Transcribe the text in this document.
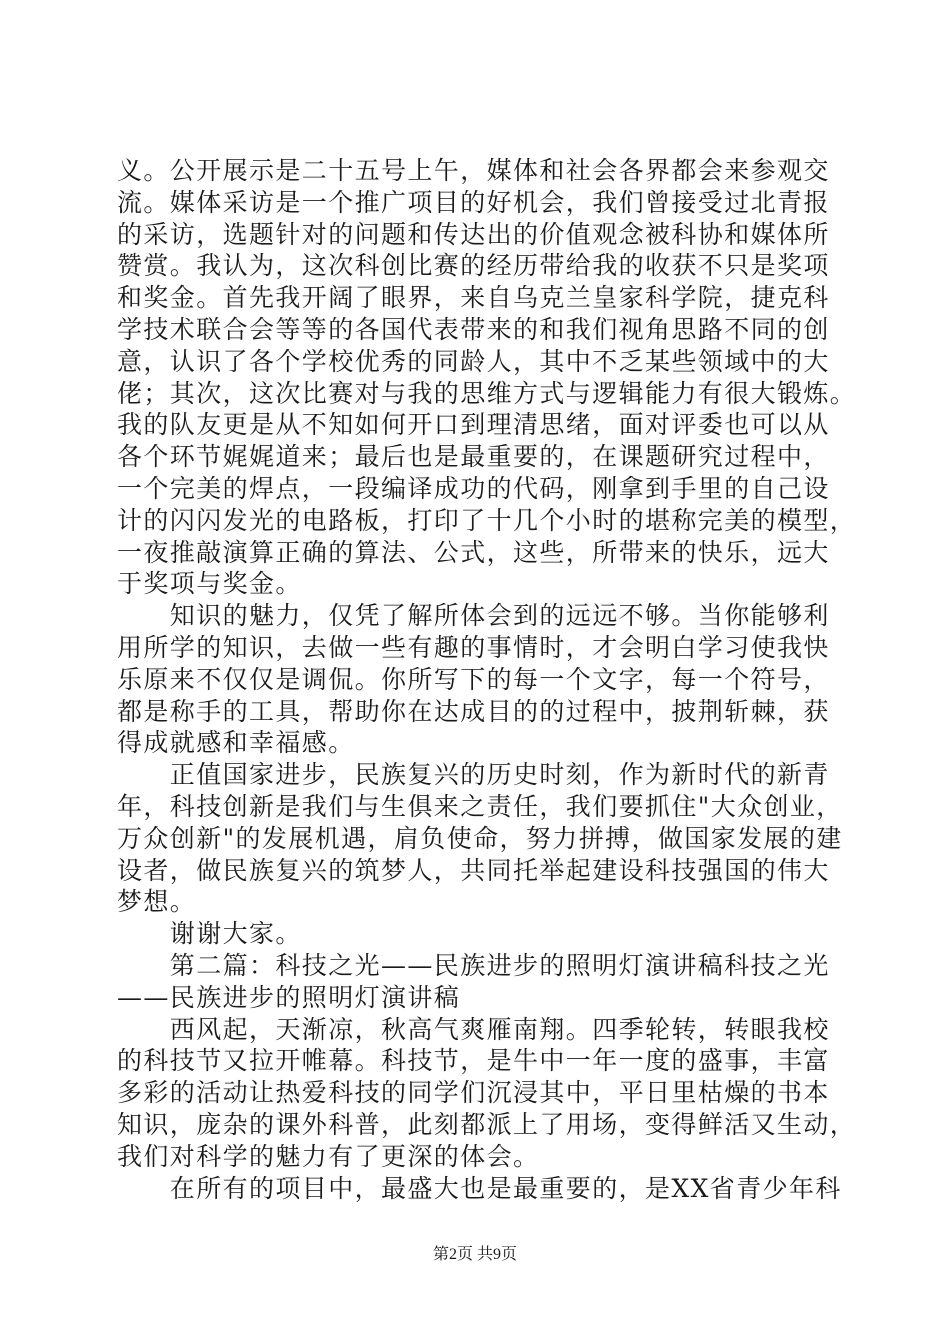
义。公开展示是二十五号上午，媒体和社会各界都会来参观交
流。媒体采访是一个推广项目的好机会，我们曾接受过北青报
的采访，选题针对的问题和传达出的价值观念被科协和媒体所
赞赏。我认为，这次科创比赛的经历带给我的收获不只是奖项
和奖金。首先我开阔了眼界，来自乌克兰皇家科学院，捷克科
学技术联合会等等的各国代表带来的和我们视角思路不同的创
意，认识了各个学校优秀的同龄人，其中不乏某些领域中的大
佬；其次，这次比赛对与我的思维方式与逻辑能力有很大锻炼。
我的队友更是从不知如何开口到理清思绪，面对评委也可以从
各个环节娓娓道来；最后也是最重要的，在课题研究过程中，
一个完美的焊点，一段编译成功的代码，刚拿到手里的自己设
计的闪闪发光的电路板，打印了十几个小时的堪称完美的模型，
一夜推敲演算正确的算法、公式，这些，所带来的快乐，远大
于奖项与奖金。
　　知识的魅力，仅凭了解所体会到的远远不够。当你能够利
用所学的知识，去做一些有趣的事情时，才会明白学习使我快
乐原来不仅仅是调侃。你所写下的每一个文字，每一个符号，
都是称手的工具，帮助你在达成目的的过程中，披荆斩棘，获
得成就感和幸福感。
　　正值国家进步，民族复兴的历史时刻，作为新时代的新青
年，科技创新是我们与生俱来之责任，我们要抓住"大众创业，
万众创新"的发展机遇，肩负使命，努力拼搏，做国家发展的建
设者，做民族复兴的筑梦人，共同托举起建设科技强国的伟大
梦想。
　　谢谢大家。
　　第二篇：科技之光——民族进步的照明灯演讲稿科技之光
——民族进步的照明灯演讲稿
　　西风起，天渐凉，秋高气爽雁南翔。四季轮转，转眼我校
的科技节又拉开帷幕。科技节，是牛中一年一度的盛事，丰富
多彩的活动让热爱科技的同学们沉浸其中，平日里枯燥的书本
知识，庞杂的课外科普，此刻都派上了用场，变得鲜活又生动，
我们对科学的魅力有了更深的体会。
　　在所有的项目中，最盛大也是最重要的，是XX省青少年科
第2页 共9页
